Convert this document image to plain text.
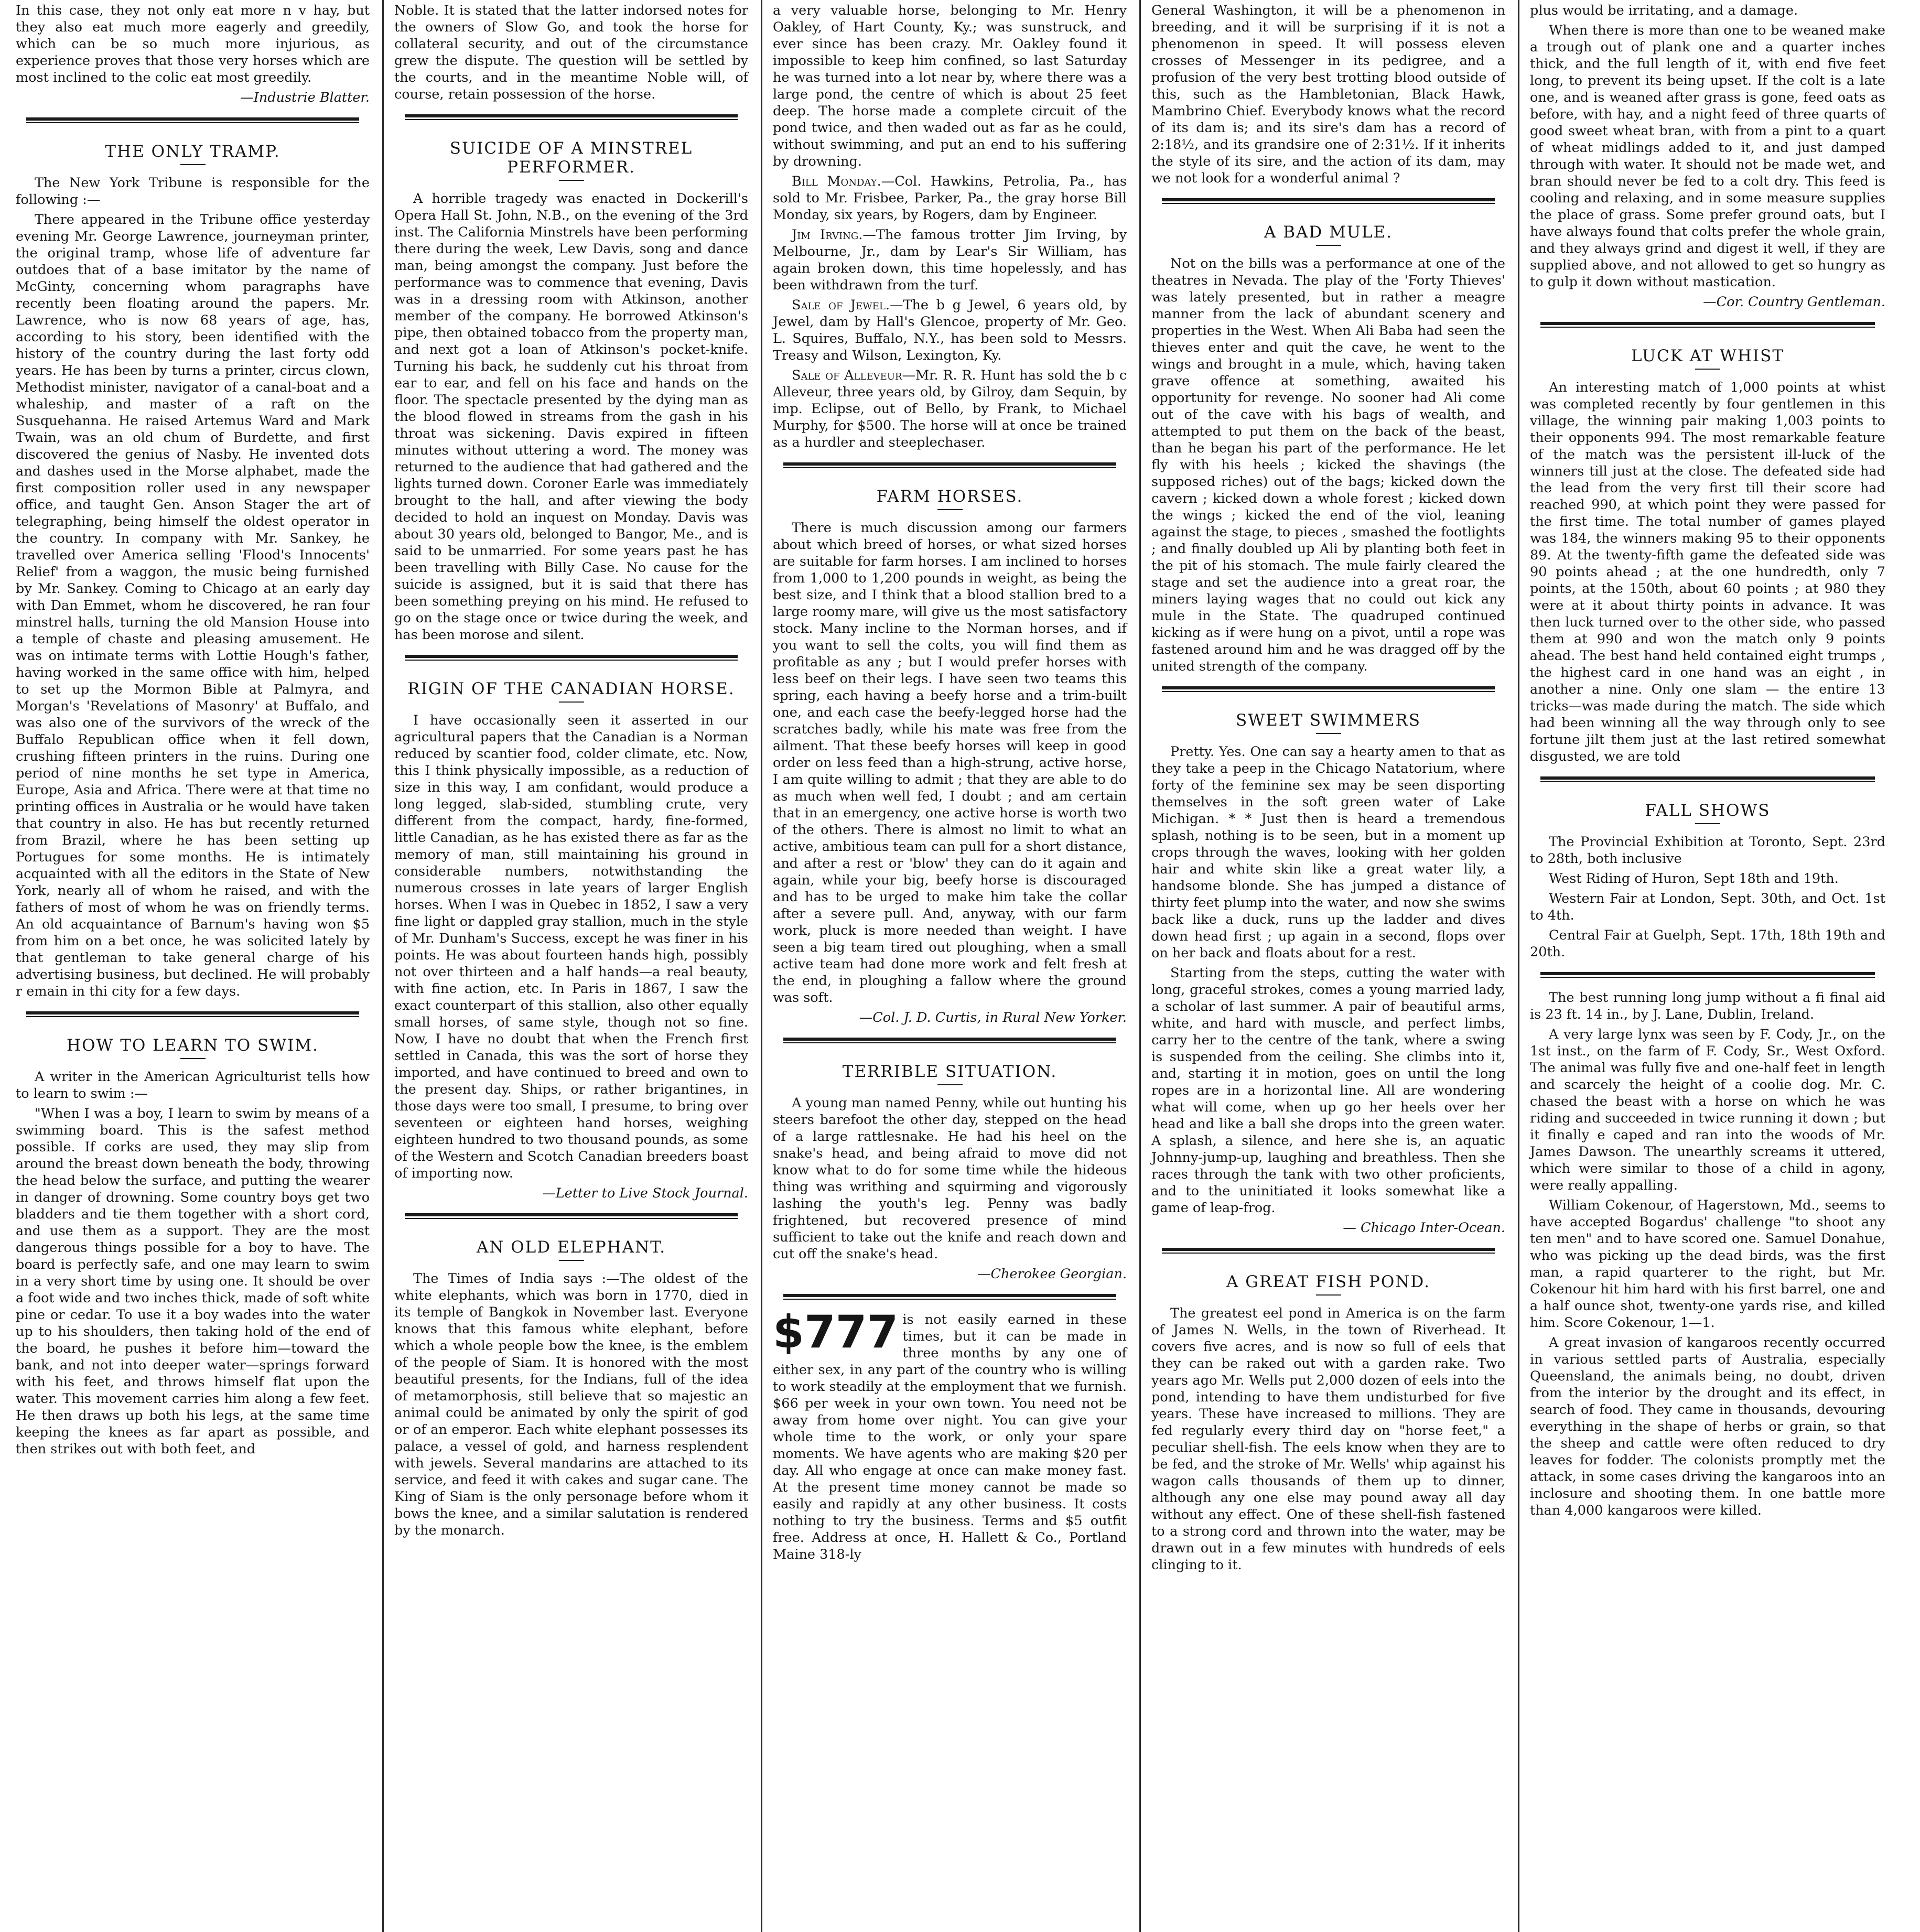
In this case, they not only eat more n v hay, but they also eat much more eagerly and greedily, which can be so much more injurious, as experience proves that those very horses which are most inclined to the colic eat most greedily.

—Industrie Blatter.

THE ONLY TRAMP.

The New York Tribune is responsible for the following :—

There appeared in the Tribune office yesterday evening Mr. George Lawrence, journeyman printer, the original tramp, whose life of adventure far outdoes that of a base imitator by the name of McGinty, concerning whom paragraphs have recently been floating around the papers. Mr. Lawrence, who is now 68 years of age, has, according to his story, been identified with the history of the country during the last forty odd years. He has been by turns a printer, circus clown, Methodist minister, navigator of a canal-boat and a whaleship, and master of a raft on the Susquehanna. He raised Artemus Ward and Mark Twain, was an old chum of Burdette, and first discovered the genius of Nasby. He invented dots and dashes used in the Morse alphabet, made the first composition roller used in any newspaper office, and taught Gen. Anson Stager the art of telegraphing, being himself the oldest operator in the country. In company with Mr. Sankey, he travelled over America selling 'Flood's Innocents' Relief' from a waggon, the music being furnished by Mr. Sankey. Coming to Chicago at an early day with Dan Emmet, whom he discovered, he ran four minstrel halls, turning the old Mansion House into a temple of chaste and pleasing amusement. He was on intimate terms with Lottie Hough's father, having worked in the same office with him, helped to set up the Mormon Bible at Palmyra, and Morgan's 'Revelations of Masonry' at Buffalo, and was also one of the survivors of the wreck of the Buffalo Republican office when it fell down, crushing fifteen printers in the ruins. During one period of nine months he set type in America, Europe, Asia and Africa. There were at that time no printing offices in Australia or he would have taken that country in also. He has but recently returned from Brazil, where he has been setting up Portugues for some months. He is intimately acquainted with all the editors in the State of New York, nearly all of whom he raised, and with the fathers of most of whom he was on friendly terms. An old acquaintance of Barnum's having won $5 from him on a bet once, he was solicited lately by that gentleman to take general charge of his advertising business, but declined. He will probably r emain in thi city for a few days.

HOW TO LEARN TO SWIM.

A writer in the American Agriculturist tells how to learn to swim :—

"When I was a boy, I learn to swim by means of a swimming board. This is the safest method possible. If corks are used, they may slip from around the breast down beneath the body, throwing the head below the surface, and putting the wearer in danger of drowning. Some country boys get two bladders and tie them together with a short cord, and use them as a support. They are the most dangerous things possible for a boy to have. The board is perfectly safe, and one may learn to swim in a very short time by using one. It should be over a foot wide and two inches thick, made of soft white pine or cedar. To use it a boy wades into the water up to his shoulders, then taking hold of the end of the board, he pushes it before him—toward the bank, and not into deeper water—springs forward with his feet, and throws himself flat upon the water. This movement carries him along a few feet. He then draws up both his legs, at the same time keeping the knees as far apart as possible, and then strikes out with both feet, and

Noble. It is stated that the latter indorsed notes for the owners of Slow Go, and took the horse for collateral security, and out of the circumstance grew the dispute. The question will be settled by the courts, and in the meantime Noble will, of course, retain possession of the horse.

SUICIDE OF A MINSTREL PERFORMER.

A horrible tragedy was enacted in Dockerill's Opera Hall St. John, N.B., on the evening of the 3rd inst. The California Minstrels have been performing there during the week, Lew Davis, song and dance man, being amongst the company. Just before the performance was to commence that evening, Davis was in a dressing room with Atkinson, another member of the company. He borrowed Atkinson's pipe, then obtained tobacco from the property man, and next got a loan of Atkinson's pocket-knife. Turning his back, he suddenly cut his throat from ear to ear, and fell on his face and hands on the floor. The spectacle presented by the dying man as the blood flowed in streams from the gash in his throat was sickening. Davis expired in fifteen minutes without uttering a word. The money was returned to the audience that had gathered and the lights turned down. Coroner Earle was immediately brought to the hall, and after viewing the body decided to hold an inquest on Monday. Davis was about 30 years old, belonged to Bangor, Me., and is said to be unmarried. For some years past he has been travelling with Billy Case. No cause for the suicide is assigned, but it is said that there has been something preying on his mind. He refused to go on the stage once or twice during the week, and has been morose and silent.

RIGIN OF THE CANADIAN HORSE.

I have occasionally seen it asserted in our agricultural papers that the Canadian is a Norman reduced by scantier food, colder climate, etc. Now, this I think physically impossible, as a reduction of size in this way, I am confidant, would produce a long legged, slab-sided, stumbling crute, very different from the compact, hardy, fine-formed, little Canadian, as he has existed there as far as the memory of man, still maintaining his ground in considerable numbers, notwithstanding the numerous crosses in late years of larger English horses. When I was in Quebec in 1852, I saw a very fine light or dappled gray stallion, much in the style of Mr. Dunham's Success, except he was finer in his points. He was about fourteen hands high, possibly not over thirteen and a half hands—a real beauty, with fine action, etc. In Paris in 1867, I saw the exact counterpart of this stallion, also other equally small horses, of same style, though not so fine. Now, I have no doubt that when the French first settled in Canada, this was the sort of horse they imported, and have continued to breed and own to the present day. Ships, or rather brigantines, in those days were too small, I presume, to bring over seventeen or eighteen hand horses, weighing eighteen hundred to two thousand pounds, as some of the Western and Scotch Canadian breeders boast of importing now.

—Letter to Live Stock Journal.

AN OLD ELEPHANT.

The Times of India says :—The oldest of the white elephants, which was born in 1770, died in its temple of Bangkok in November last. Everyone knows that this famous white elephant, before which a whole people bow the knee, is the emblem of the people of Siam. It is honored with the most beautiful presents, for the Indians, full of the idea of metamorphosis, still believe that so majestic an animal could be animated by only the spirit of god or of an emperor. Each white elephant possesses its palace, a vessel of gold, and harness resplendent with jewels. Several mandarins are attached to its service, and feed it with cakes and sugar cane. The King of Siam is the only personage before whom it bows the knee, and a similar salutation is rendered by the monarch.

a very valuable horse, belonging to Mr. Henry Oakley, of Hart County, Ky.; was sunstruck, and ever since has been crazy. Mr. Oakley found it impossible to keep him confined, so last Saturday he was turned into a lot near by, where there was a large pond, the centre of which is about 25 feet deep. The horse made a complete circuit of the pond twice, and then waded out as far as he could, without swimming, and put an end to his suffering by drowning.

Bill Monday.—Col. Hawkins, Petrolia, Pa., has sold to Mr. Frisbee, Parker, Pa., the gray horse Bill Monday, six years, by Rogers, dam by Engineer.

Jim Irving.—The famous trotter Jim Irving, by Melbourne, Jr., dam by Lear's Sir William, has again broken down, this time hopelessly, and has been withdrawn from the turf.

Sale of Jewel.—The b g Jewel, 6 years old, by Jewel, dam by Hall's Glencoe, property of Mr. Geo. L. Squires, Buffalo, N.Y., has been sold to Messrs. Treasy and Wilson, Lexington, Ky.

Sale of Alleveur—Mr. R. R. Hunt has sold the b c Alleveur, three years old, by Gilroy, dam Sequin, by imp. Eclipse, out of Bello, by Frank, to Michael Murphy, for $500. The horse will at once be trained as a hurdler and steeplechaser.

FARM HORSES.

There is much discussion among our farmers about which breed of horses, or what sized horses are suitable for farm horses. I am inclined to horses from 1,000 to 1,200 pounds in weight, as being the best size, and I think that a blood stallion bred to a large roomy mare, will give us the most satisfactory stock. Many incline to the Norman horses, and if you want to sell the colts, you will find them as profitable as any ; but I would prefer horses with less beef on their legs. I have seen two teams this spring, each having a beefy horse and a trim-built one, and each case the beefy-legged horse had the scratches badly, while his mate was free from the ailment. That these beefy horses will keep in good order on less feed than a high-strung, active horse, I am quite willing to admit ; that they are able to do as much when well fed, I doubt ; and am certain that in an emergency, one active horse is worth two of the others. There is almost no limit to what an active, ambitious team can pull for a short distance, and after a rest or 'blow' they can do it again and again, while your big, beefy horse is discouraged and has to be urged to make him take the collar after a severe pull. And, anyway, with our farm work, pluck is more needed than weight. I have seen a big team tired out ploughing, when a small active team had done more work and felt fresh at the end, in ploughing a fallow where the ground was soft.

—Col. J. D. Curtis, in Rural New Yorker.

TERRIBLE SITUATION.

A young man named Penny, while out hunting his steers barefoot the other day, stepped on the head of a large rattlesnake. He had his heel on the snake's head, and being afraid to move did not know what to do for some time while the hideous thing was writhing and squirming and vigorously lashing the youth's leg. Penny was badly frightened, but recovered presence of mind sufficient to take out the knife and reach down and cut off the snake's head.

—Cherokee Georgian.

$777 is not easily earned in these times, but it can be made in three months by any one of either sex, in any part of the country who is willing to work steadily at the employment that we furnish. $66 per week in your own town. You need not be away from home over night. You can give your whole time to the work, or only your spare moments. We have agents who are making $20 per day. All who engage at once can make money fast. At the present time money cannot be made so easily and rapidly at any other business. It costs nothing to try the business. Terms and $5 outfit free. Address at once, H. Hallett & Co., Portland Maine 318-ly

General Washington, it will be a phenomenon in breeding, and it will be surprising if it is not a phenomenon in speed. It will possess eleven crosses of Messenger in its pedigree, and a profusion of the very best trotting blood outside of this, such as the Hambletonian, Black Hawk, Mambrino Chief. Everybody knows what the record of its dam is; and its sire's dam has a record of 2:18½, and its grandsire one of 2:31½. If it inherits the style of its sire, and the action of its dam, may we not look for a wonderful animal ?

A BAD MULE.

Not on the bills was a performance at one of the theatres in Nevada. The play of the 'Forty Thieves' was lately presented, but in rather a meagre manner from the lack of abundant scenery and properties in the West. When Ali Baba had seen the thieves enter and quit the cave, he went to the wings and brought in a mule, which, having taken grave offence at something, awaited his opportunity for revenge. No sooner had Ali come out of the cave with his bags of wealth, and attempted to put them on the back of the beast, than he began his part of the performance. He let fly with his heels ; kicked the shavings (the supposed riches) out of the bags; kicked down the cavern ; kicked down a whole forest ; kicked down the wings ; kicked the end of the viol, leaning against the stage, to pieces , smashed the footlights ; and finally doubled up Ali by planting both feet in the pit of his stomach. The mule fairly cleared the stage and set the audience into a great roar, the miners laying wages that no could out kick any mule in the State. The quadruped continued kicking as if were hung on a pivot, until a rope was fastened around him and he was dragged off by the united strength of the company.

SWEET SWIMMERS

Pretty. Yes. One can say a hearty amen to that as they take a peep in the Chicago Natatorium, where forty of the feminine sex may be seen disporting themselves in the soft green water of Lake Michigan. * * Just then is heard a tremendous splash, nothing is to be seen, but in a moment up crops through the waves, looking with her golden hair and white skin like a great water lily, a handsome blonde. She has jumped a distance of thirty feet plump into the water, and now she swims back like a duck, runs up the ladder and dives down head first ; up again in a second, flops over on her back and floats about for a rest.

Starting from the steps, cutting the water with long, graceful strokes, comes a young married lady, a scholar of last summer. A pair of beautiful arms, white, and hard with muscle, and perfect limbs, carry her to the centre of the tank, where a swing is suspended from the ceiling. She climbs into it, and, starting it in motion, goes on until the long ropes are in a horizontal line. All are wondering what will come, when up go her heels over her head and like a ball she drops into the green water. A splash, a silence, and here she is, an aquatic Johnny-jump-up, laughing and breathless. Then she races through the tank with two other proficients, and to the uninitiated it looks somewhat like a game of leap-frog.

— Chicago Inter-Ocean.

A GREAT FISH POND.

The greatest eel pond in America is on the farm of James N. Wells, in the town of Riverhead. It covers five acres, and is now so full of eels that they can be raked out with a garden rake. Two years ago Mr. Wells put 2,000 dozen of eels into the pond, intending to have them undisturbed for five years. These have increased to millions. They are fed regularly every third day on "horse feet," a peculiar shell-fish. The eels know when they are to be fed, and the stroke of Mr. Wells' whip against his wagon calls thousands of them up to dinner, although any one else may pound away all day without any effect. One of these shell-fish fastened to a strong cord and thrown into the water, may be drawn out in a few minutes with hundreds of eels clinging to it.

plus would be irritating, and a damage.

When there is more than one to be weaned make a trough out of plank one and a quarter inches thick, and the full length of it, with end five feet long, to prevent its being upset. If the colt is a late one, and is weaned after grass is gone, feed oats as before, with hay, and a night feed of three quarts of good sweet wheat bran, with from a pint to a quart of wheat midlings added to it, and just damped through with water. It should not be made wet, and bran should never be fed to a colt dry. This feed is cooling and relaxing, and in some measure supplies the place of grass. Some prefer ground oats, but I have always found that colts prefer the whole grain, and they always grind and digest it well, if they are supplied above, and not allowed to get so hungry as to gulp it down without mastication.

—Cor. Country Gentleman.

LUCK AT WHIST

An interesting match of 1,000 points at whist was completed recently by four gentlemen in this village, the winning pair making 1,003 points to their opponents 994. The most remarkable feature of the match was the persistent ill-luck of the winners till just at the close. The defeated side had the lead from the very first till their score had reached 990, at which point they were passed for the first time. The total number of games played was 184, the winners making 95 to their opponents 89. At the twenty-fifth game the defeated side was 90 points ahead ; at the one hundredth, only 7 points, at the 150th, about 60 points ; at 980 they were at it about thirty points in advance. It was then luck turned over to the other side, who passed them at 990 and won the match only 9 points ahead. The best hand held contained eight trumps , the highest card in one hand was an eight , in another a nine. Only one slam — the entire 13 tricks—was made during the match. The side which had been winning all the way through only to see fortune jilt them just at the last retired somewhat disgusted, we are told

FALL SHOWS

The Provincial Exhibition at Toronto, Sept. 23rd to 28th, both inclusive

West Riding of Huron, Sept 18th and 19th.

Western Fair at London, Sept. 30th, and Oct. 1st to 4th.

Central Fair at Guelph, Sept. 17th, 18th 19th and 20th.

The best running long jump without a fi final aid is 23 ft. 14 in., by J. Lane, Dublin, Ireland.

A very large lynx was seen by F. Cody, Jr., on the 1st inst., on the farm of F. Cody, Sr., West Oxford. The animal was fully five and one-half feet in length and scarcely the height of a coolie dog. Mr. C. chased the beast with a horse on which he was riding and succeeded in twice running it down ; but it finally e caped and ran into the woods of Mr. James Dawson. The unearthly screams it uttered, which were similar to those of a child in agony, were really appalling.

William Cokenour, of Hagerstown, Md., seems to have accepted Bogardus' challenge "to shoot any ten men" and to have scored one. Samuel Donahue, who was picking up the dead birds, was the first man, a rapid quarterer to the right, but Mr. Cokenour hit him hard with his first barrel, one and a half ounce shot, twenty-one yards rise, and killed him. Score Cokenour, 1—1.

A great invasion of kangaroos recently occurred in various settled parts of Australia, especially Queensland, the animals being, no doubt, driven from the interior by the drought and its effect, in search of food. They came in thousands, devouring everything in the shape of herbs or grain, so that the sheep and cattle were often reduced to dry leaves for fodder. The colonists promptly met the attack, in some cases driving the kangaroos into an inclosure and shooting them. In one battle more than 4,000 kangaroos were killed.
